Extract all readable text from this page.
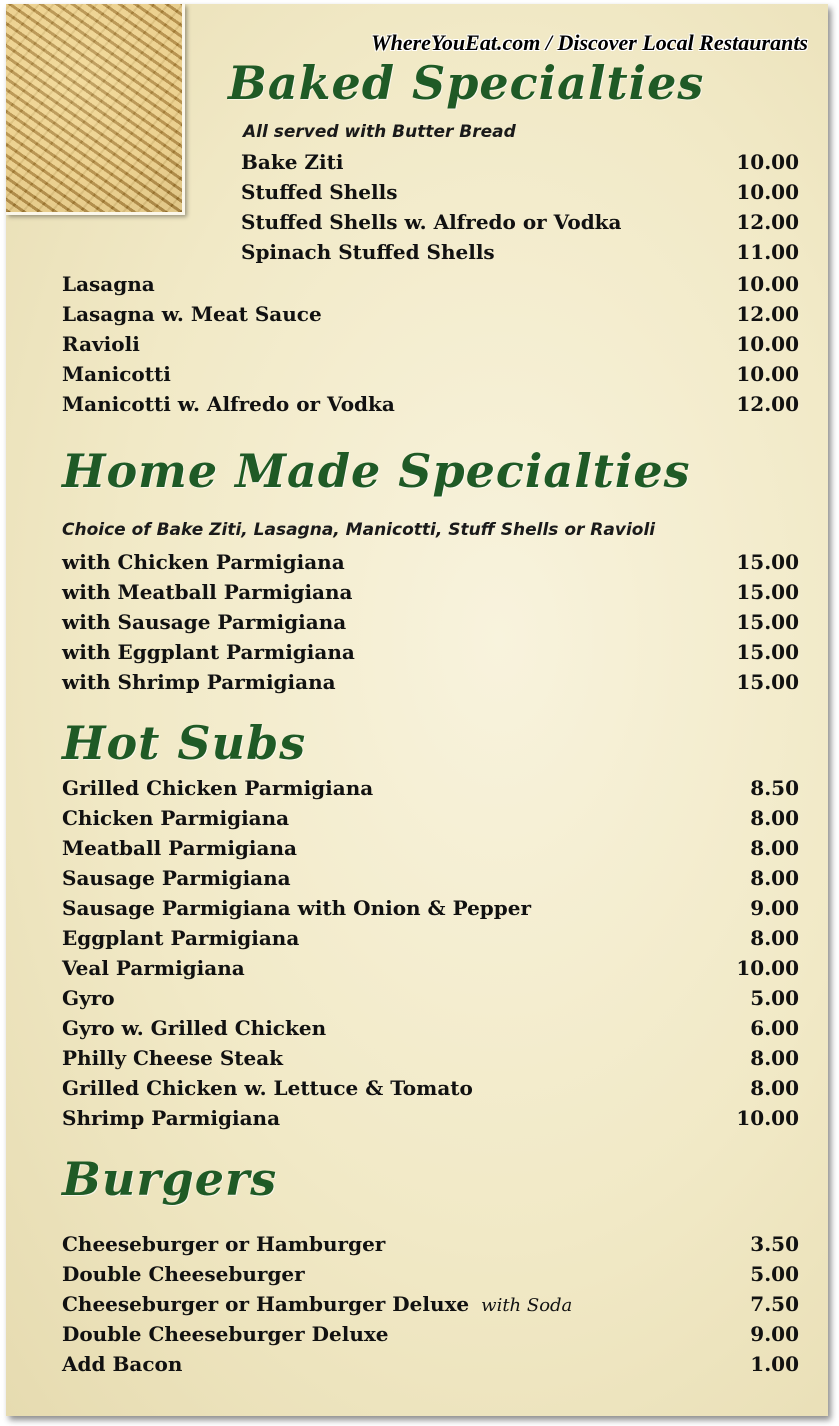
WhereYouEat.com / Discover Local Restaurants
Baked Specialties
All served with Butter Bread
Bake Ziti	10.00
Stuffed Shells	10.00
Stuffed Shells w. Alfredo or Vodka	12.00
Spinach Stuffed Shells	11.00
Lasagna	10.00
Lasagna w. Meat Sauce	12.00
Ravioli	10.00
Manicotti	10.00
Manicotti w. Alfredo or Vodka	12.00
Home Made Specialties
Choice of Bake Ziti, Lasagna, Manicotti, Stuff Shells or Ravioli
with Chicken Parmigiana	15.00
with Meatball Parmigiana	15.00
with Sausage Parmigiana	15.00
with Eggplant Parmigiana	15.00
with Shrimp Parmigiana	15.00
Hot Subs
Grilled Chicken Parmigiana	8.50
Chicken Parmigiana	8.00
Meatball Parmigiana	8.00
Sausage Parmigiana	8.00
Sausage Parmigiana with Onion & Pepper	9.00
Eggplant Parmigiana	8.00
Veal Parmigiana	10.00
Gyro	5.00
Gyro w. Grilled Chicken	6.00
Philly Cheese Steak	8.00
Grilled Chicken w. Lettuce & Tomato	8.00
Shrimp Parmigiana	10.00
Burgers
Cheeseburger or Hamburger	3.50
Double Cheeseburger	5.00
Cheeseburger or Hamburger Deluxe with Soda	7.50
Double Cheeseburger Deluxe	9.00
Add Bacon	1.00
